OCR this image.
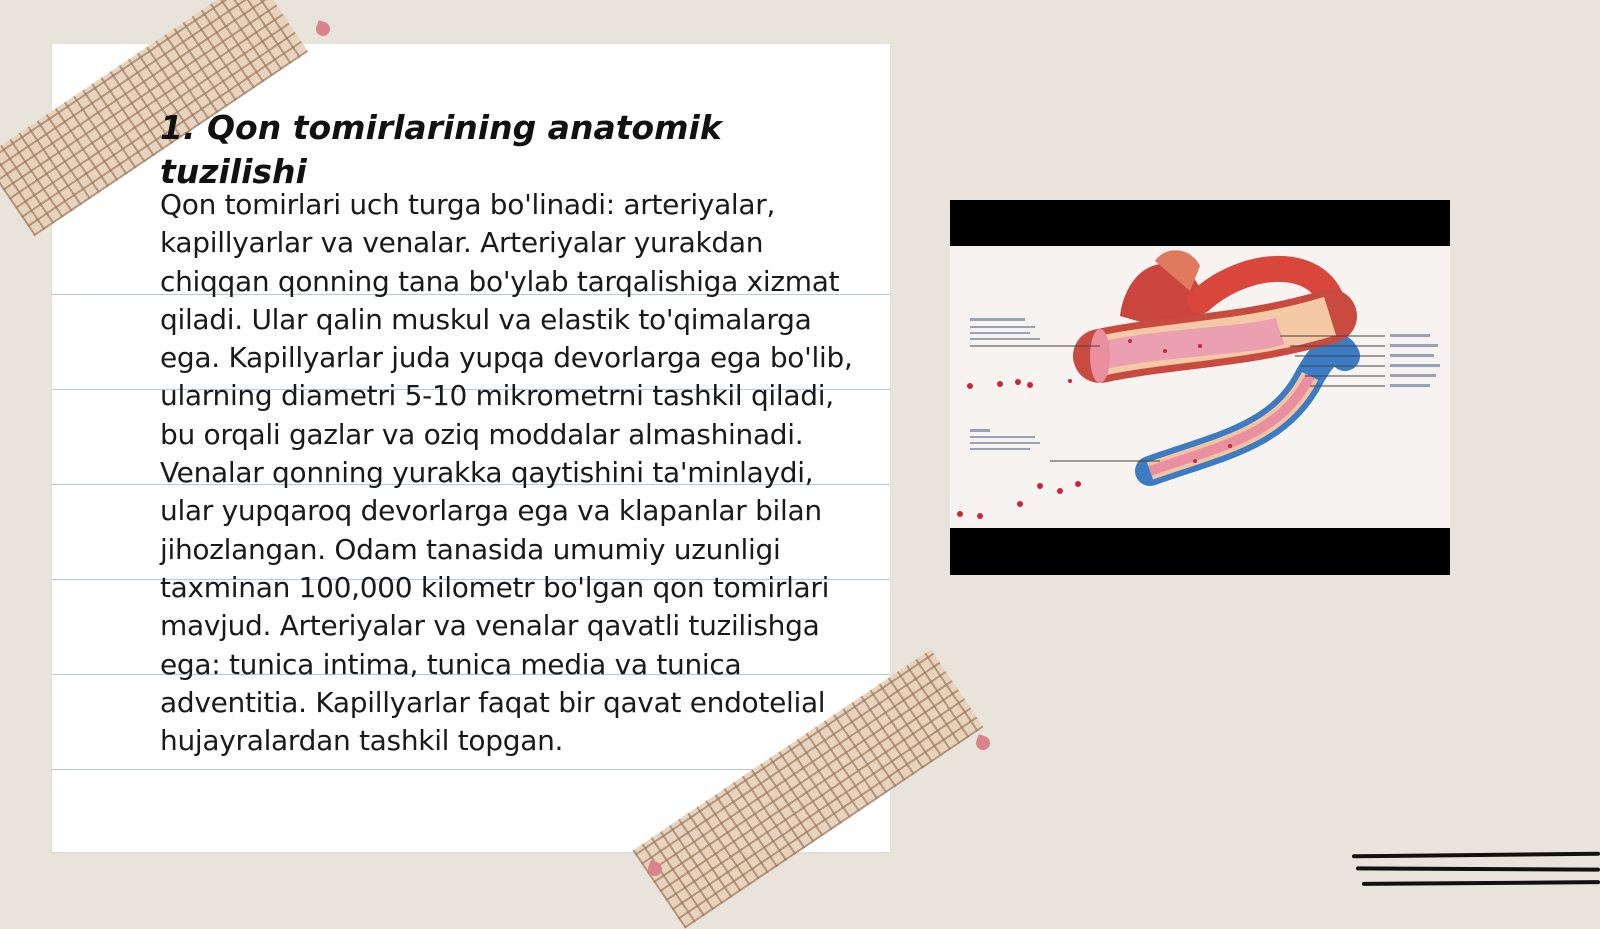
1. Qon tomirlarining anatomik tuzilishi

Qon tomirlari uch turga bo'linadi: arteriyalar, kapillyarlar va venalar. Arteriyalar yurakdan chiqqan qonning tana bo'ylab tarqalishiga xizmat qiladi. Ular qalin muskul va elastik to'qimalarga ega. Kapillyarlar juda yupqa devorlarga ega bo'lib, ularning diametri 5-10 mikrometrni tashkil qiladi, bu orqali gazlar va oziq moddalar almashinadi. Venalar qonning yurakka qaytishini ta'minlaydi, ular yupqaroq devorlarga ega va klapanlar bilan jihozlangan. Odam tanasida umumiy uzunligi taxminan 100,000 kilometr bo'lgan qon tomirlari mavjud. Arteriyalar va venalar qavatli tuzilishga ega: tunica intima, tunica media va tunica adventitia. Kapillyarlar faqat bir qavat endotelial hujayralardan tashkil topgan.
